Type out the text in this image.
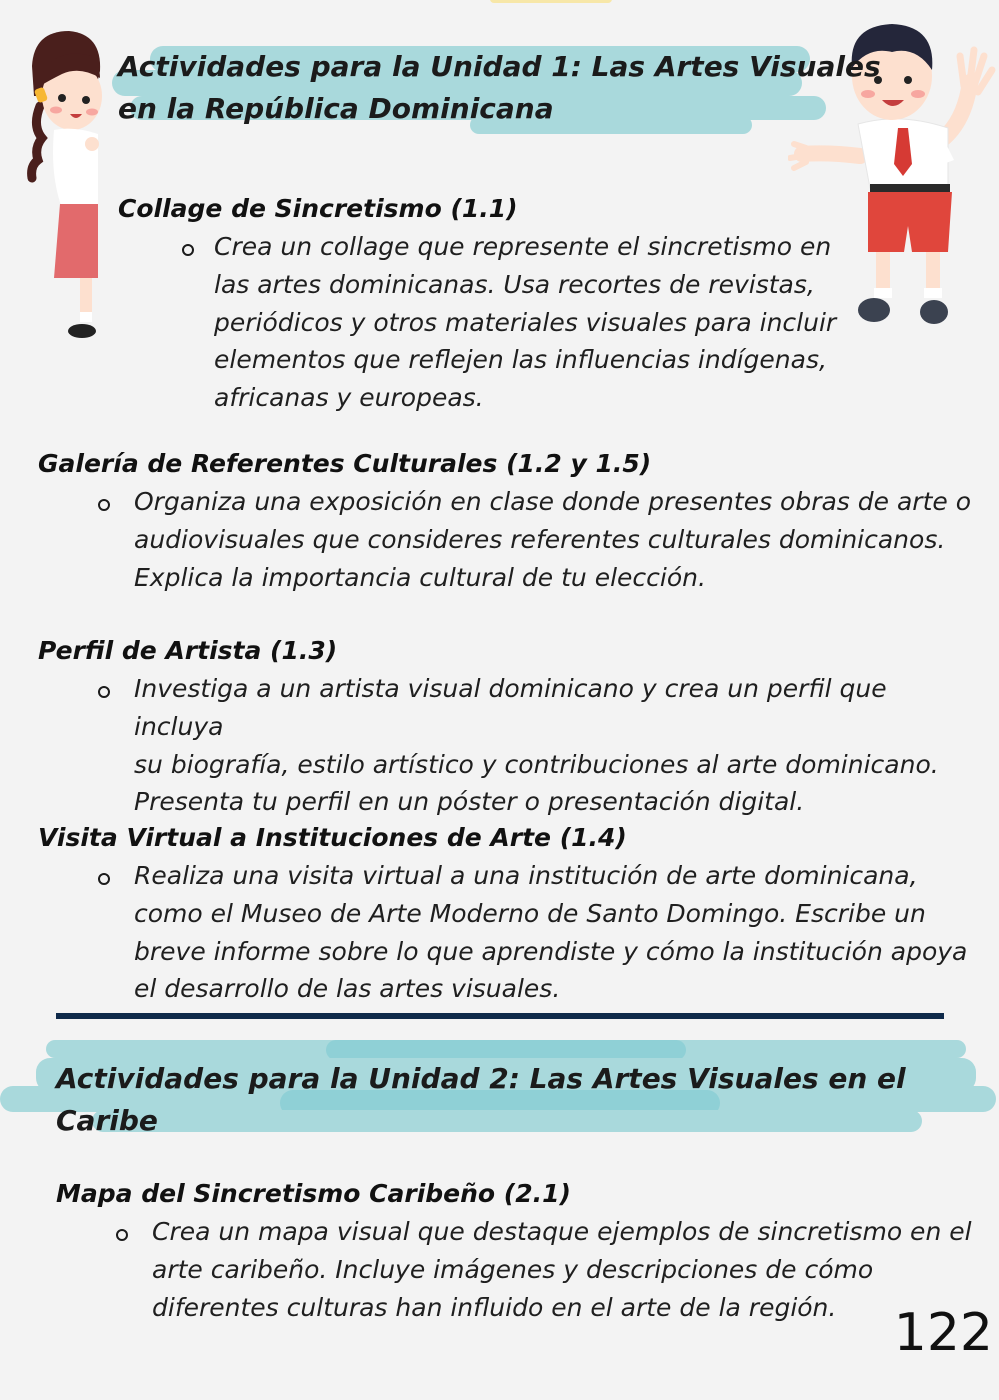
Actividades para la Unidad 1: Las Artes Visuales
en la República Dominicana
Collage de Sincretismo (1.1)
Crea un collage que represente el sincretismo en
las artes dominicanas. Usa recortes de revistas,
periódicos y otros materiales visuales para incluir
elementos que reflejen las influencias indígenas,
africanas y europeas.
Galería de Referentes Culturales (1.2 y 1.5)
Organiza una exposición en clase donde presentes obras de arte o
audiovisuales que consideres referentes culturales dominicanos.
Explica la importancia cultural de tu elección.
Perfil de Artista (1.3)
Investiga a un artista visual dominicano y crea un perfil que incluya
su biografía, estilo artístico y contribuciones al arte dominicano.
Presenta tu perfil en un póster o presentación digital.
Visita Virtual a Instituciones de Arte (1.4)
Realiza una visita virtual a una institución de arte dominicana,
como el Museo de Arte Moderno de Santo Domingo. Escribe un
breve informe sobre lo que aprendiste y cómo la institución apoya
el desarrollo de las artes visuales.
Actividades para la Unidad 2: Las Artes Visuales en el Caribe
Mapa del Sincretismo Caribeño (2.1)
Crea un mapa visual que destaque ejemplos de sincretismo en el
arte caribeño. Incluye imágenes y descripciones de cómo
diferentes culturas han influido en el arte de la región.	122
